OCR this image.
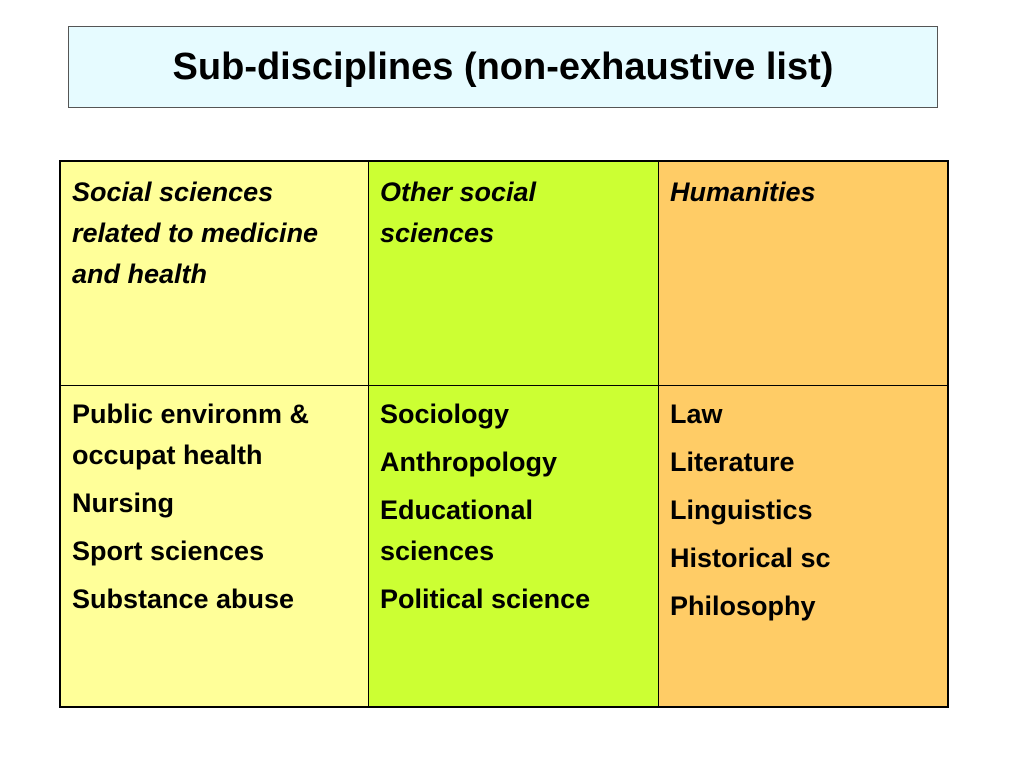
Sub-disciplines (non-exhaustive list)
Social sciences related to medicine and health
Other social sciences
Humanities
Public environm & occupat health
Nursing
Sport sciences
Substance abuse
Sociology
Anthropology
Educational sciences
Political science
Law
Literature
Linguistics
Historical sc
Philosophy
